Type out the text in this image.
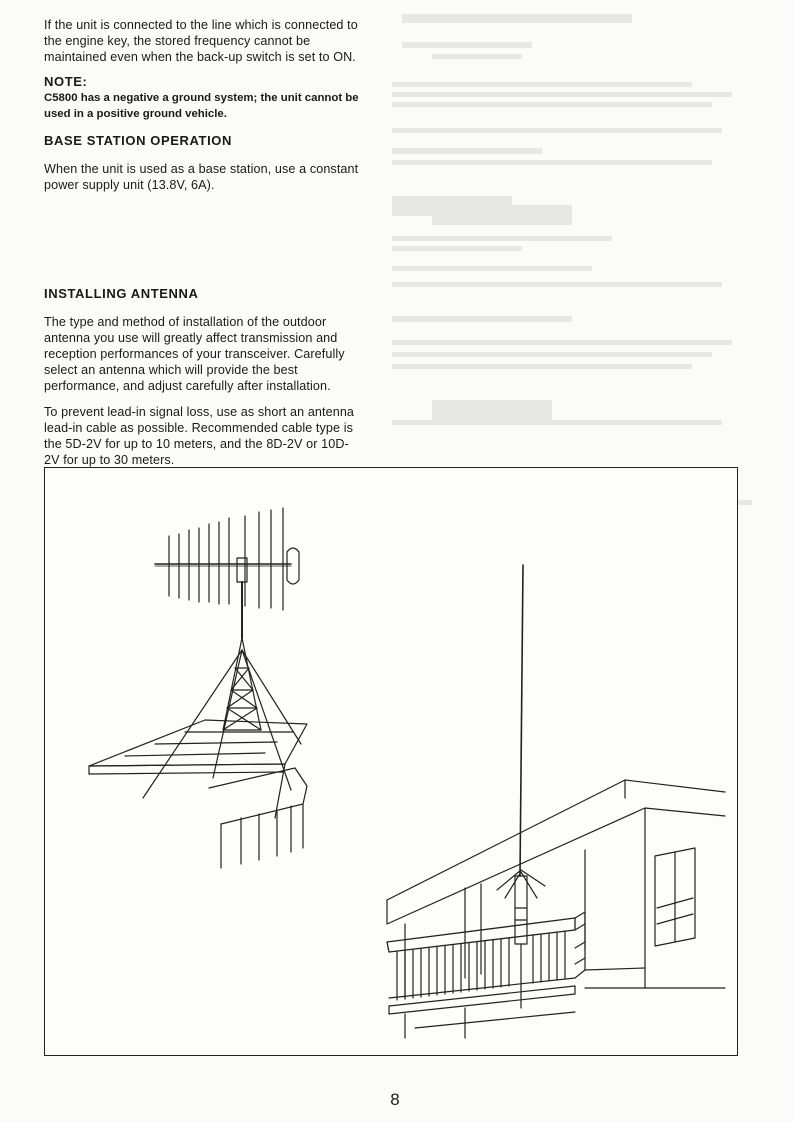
If the unit is connected to the line which is connected to the engine key, the stored frequency cannot be maintained even when the back-up switch is set to ON.

NOTE:

C5800 has a negative a ground system; the unit cannot be used in a positive ground vehicle.

BASE STATION OPERATION

When the unit is used as a base station, use a constant power supply unit (13.8V, 6A).

INSTALLING ANTENNA

The type and method of installation of the outdoor antenna you use will greatly affect transmission and reception performances of your transceiver. Carefully select an antenna which will provide the best performance, and adjust carefully after installation.

To prevent lead-in signal loss, use as short an antenna lead-in cable as possible. Recommended cable type is the 5D-2V for up to 10 meters, and the 8D-2V or 10D-2V for up to 30 meters.

8
